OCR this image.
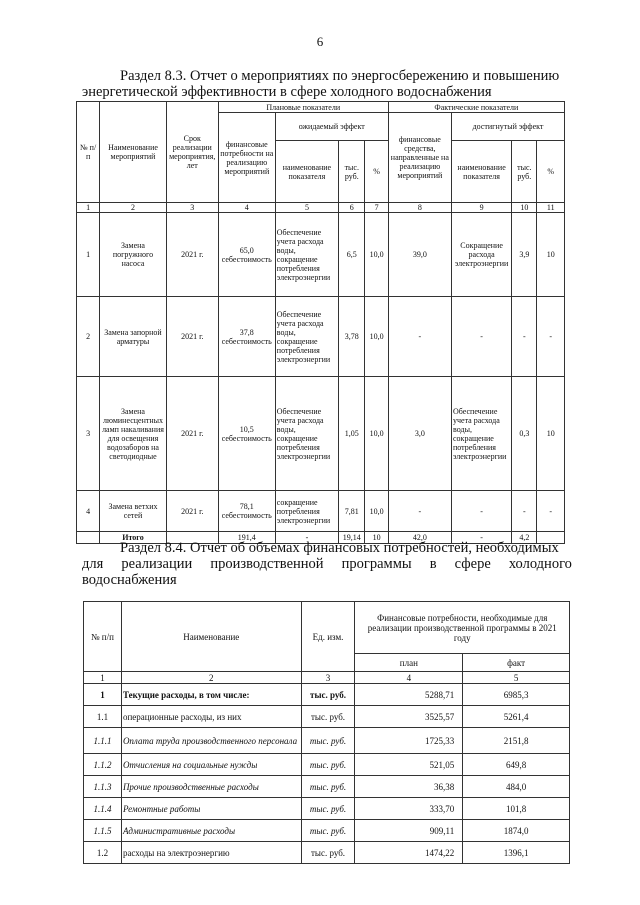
6
Раздел 8.3. Отчет о мероприятиях по энергосбережению и повышению энергетической эффективности в сфере холодного водоснабжения
№ п/п	Наименование мероприятий	Срок реализации мероприятия, лет	Плановые показатели				Фактические показатели			
			финансовые потребности на реализацию мероприятий	ожидаемый эффект			финансовые средства, направленные на реализацию мероприятий	достигнутый эффект		
				наименование показателя	тыс. руб.	%		наименование показателя	тыс. руб.	%
1	2	3	4	5	6	7	8	9	10	11
1	Замена погружного насоса	2021 г.	65,0 себестоимость	Обеспечение учета расхода воды, сокращение потребления электроэнергии	6,5	10,0	39,0	Сокращение расхода электроэнергии	3,9	10
2	Замена запорной арматуры	2021 г.	37,8 себестоимость	Обеспечение учета расхода воды, сокращение потребления электроэнергии	3,78	10,0	-	-	-	-
3	Замена люминесцентных ламп накаливания для освещения водозаборов на светодиодные	2021 г.	10,5 себестоимость	Обеспечение учета расхода воды, сокращение потребления электроэнергии	1,05	10,0	3,0	Обеспечение учета расхода воды, сокращение потребления электроэнергии	0,3	10
4	Замена ветхих сетей	2021 г.	78,1 себестоимость	сокращение потребления электроэнергии	7,81	10,0	-	-	-	-
	Итого		191,4	-	19,14	10	42,0	-	4,2	
Раздел 8.4. Отчет об объемах финансовых потребностей, необходимых
для реализации производственной программы в сфере холодного
водоснабжения
№ п/п	Наименование	Ед. изм.	Финансовые потребности, необходимые для реализации производственной программы в 2021 году	
			план	факт
1	2	3	4	5
1	Текущие расходы, в том числе:	тыс. руб.	5288,71	6985,3
1.1	операционные расходы, из них	тыс. руб.	3525,57	5261,4
1.1.1	Оплата труда производственного персонала	тыс. руб.	1725,33	2151,8
1.1.2	Отчисления на социальные нужды	тыс. руб.	521,05	649,8
1.1.3	Прочие производственные расходы	тыс. руб.	36,38	484,0
1.1.4	Ремонтные работы	тыс. руб.	333,70	101,8
1.1.5	Административные расходы	тыс. руб.	909,11	1874,0
1.2	расходы на электроэнергию	тыс. руб.	1474,22	1396,1
